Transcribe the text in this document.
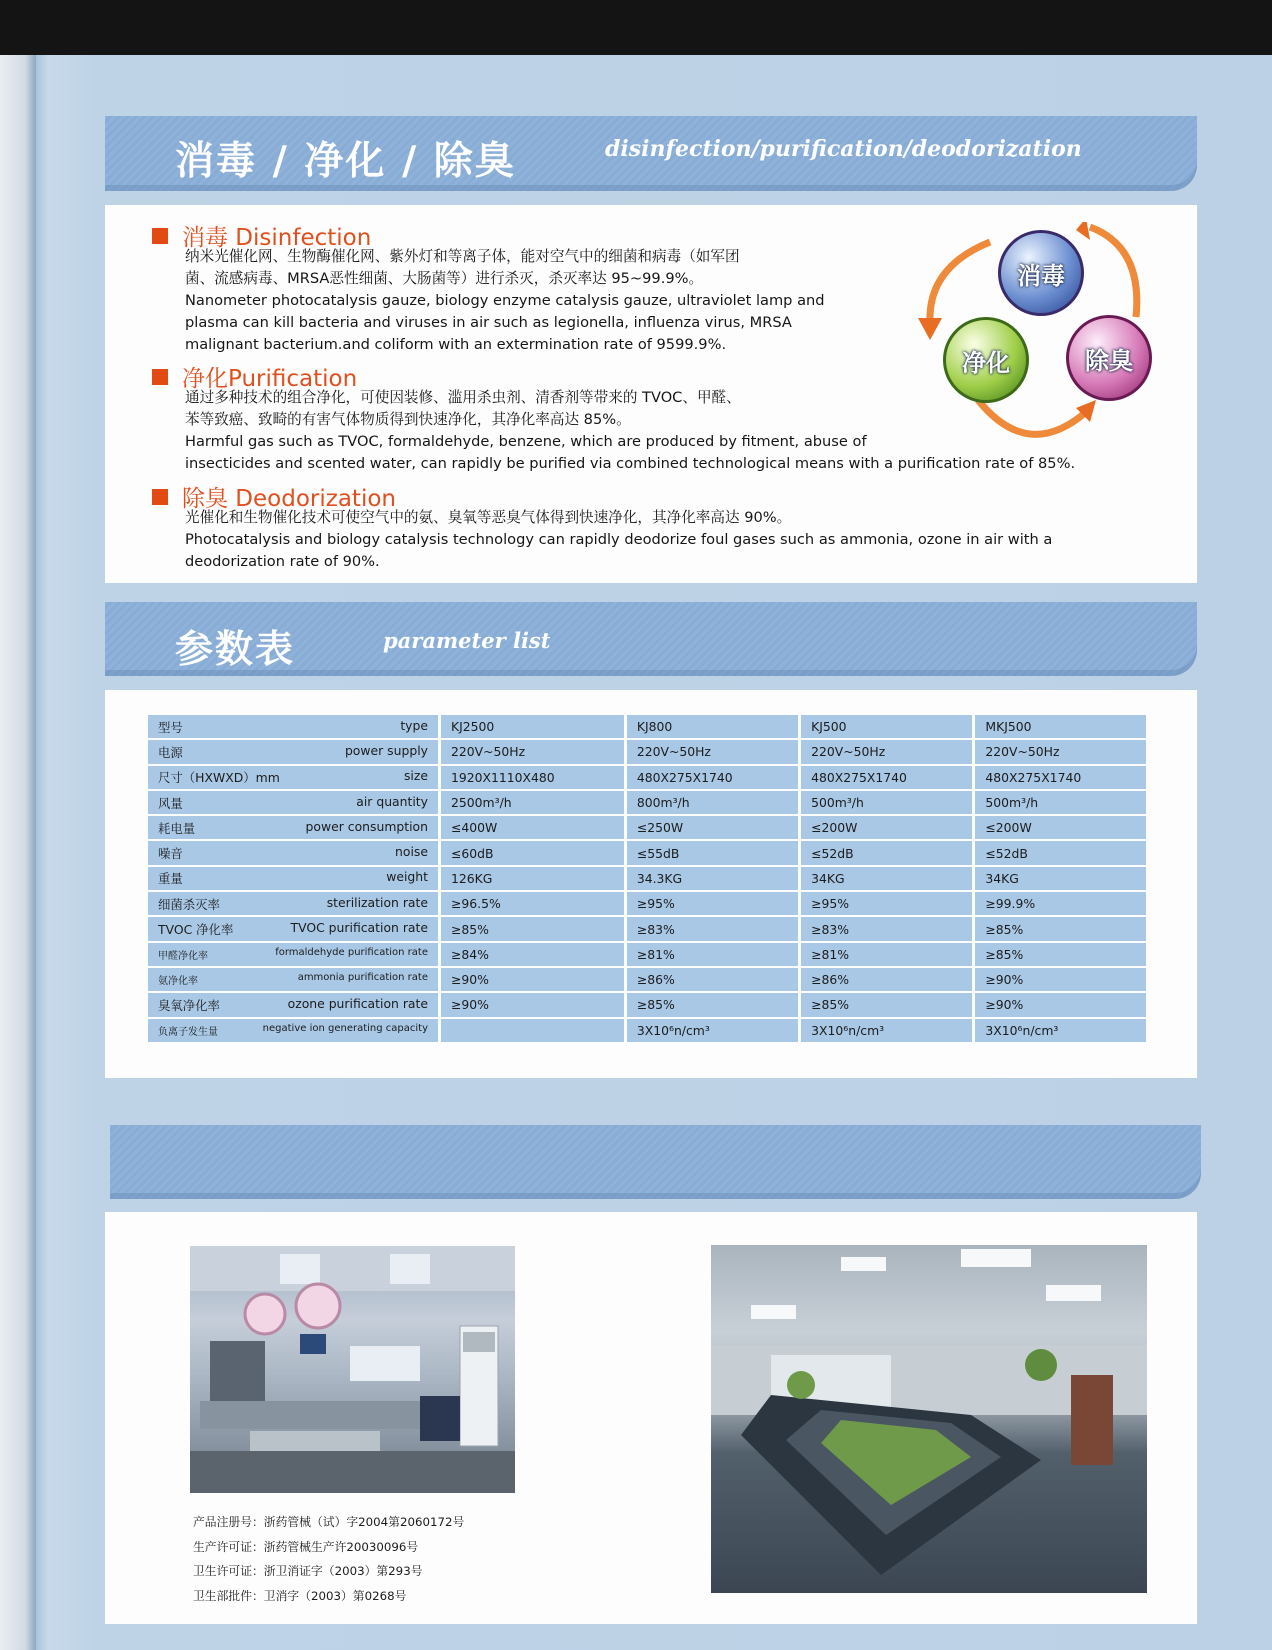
消毒 / 净化 / 除臭	disinfection/purification/deodorization
消毒 Disinfection
纳米光催化网、生物酶催化网、紫外灯和等离子体，能对空气中的细菌和病毒（如军团
菌、流感病毒、MRSA恶性细菌、大肠菌等）进行杀灭，杀灭率达 95~99.9%。
Nanometer photocatalysis gauze, biology enzyme catalysis gauze, ultraviolet lamp and
plasma can kill bacteria and viruses in air such as legionella, influenza virus, MRSA
malignant bacterium.and coliform with an extermination rate of 9599.9%.
净化Purification
通过多种技术的组合净化，可使因装修、滥用杀虫剂、清香剂等带来的 TVOC、甲醛、
苯等致癌、致畸的有害气体物质得到快速净化，其净化率高达 85%。
Harmful gas such as TVOC, formaldehyde, benzene, which are produced by fitment, abuse of
insecticides and scented water, can rapidly be purified via combined technological means with a purification rate of 85%.
除臭 Deodorization
光催化和生物催化技术可使空气中的氨、臭氧等恶臭气体得到快速净化，其净化率高达 90%。
Photocatalysis and biology catalysis technology can rapidly deodorize foul gases such as ammonia, ozone in air with a
deodorization rate of 90%.
消毒
净化	除臭
参数表	parameter list
型号 type	KJ2500	KJ800	KJ500	MKJ500

电源 power supply	220V~50Hz	220V~50Hz	220V~50Hz	220V~50Hz

尺寸（HXWXD）mm size	1920X1110X480	480X275X1740	480X275X1740	480X275X1740

风量 air quantity	2500m³/h	800m³/h	500m³/h	500m³/h

耗电量 power consumption	≤400W	≤250W	≤200W	≤200W

噪音 noise	≤60dB	≤55dB	≤52dB	≤52dB

重量 weight	126KG	34.3KG	34KG	34KG

细菌杀灭率 sterilization rate	≥96.5%	≥95%	≥95%	≥99.9%

TVOC 净化率 TVOC purification rate	≥85%	≥83%	≥83%	≥85%

甲醛净化率 formaldehyde purification rate	≥84%	≥81%	≥81%	≥85%

氨净化率 ammonia purification rate	≥90%	≥86%	≥86%	≥90%

臭氧净化率 ozone purification rate	≥90%	≥85%	≥85%	≥90%

负离子发生量 negative ion generating capacity		3X10⁶n/cm³	3X10⁶n/cm³	3X10⁶n/cm³
产品注册号：浙药管械（试）字2004第2060172号
生产许可证：浙药管械生产许20030096号
卫生许可证：浙卫消证字（2003）第293号
卫生部批件：卫消字（2003）第0268号
